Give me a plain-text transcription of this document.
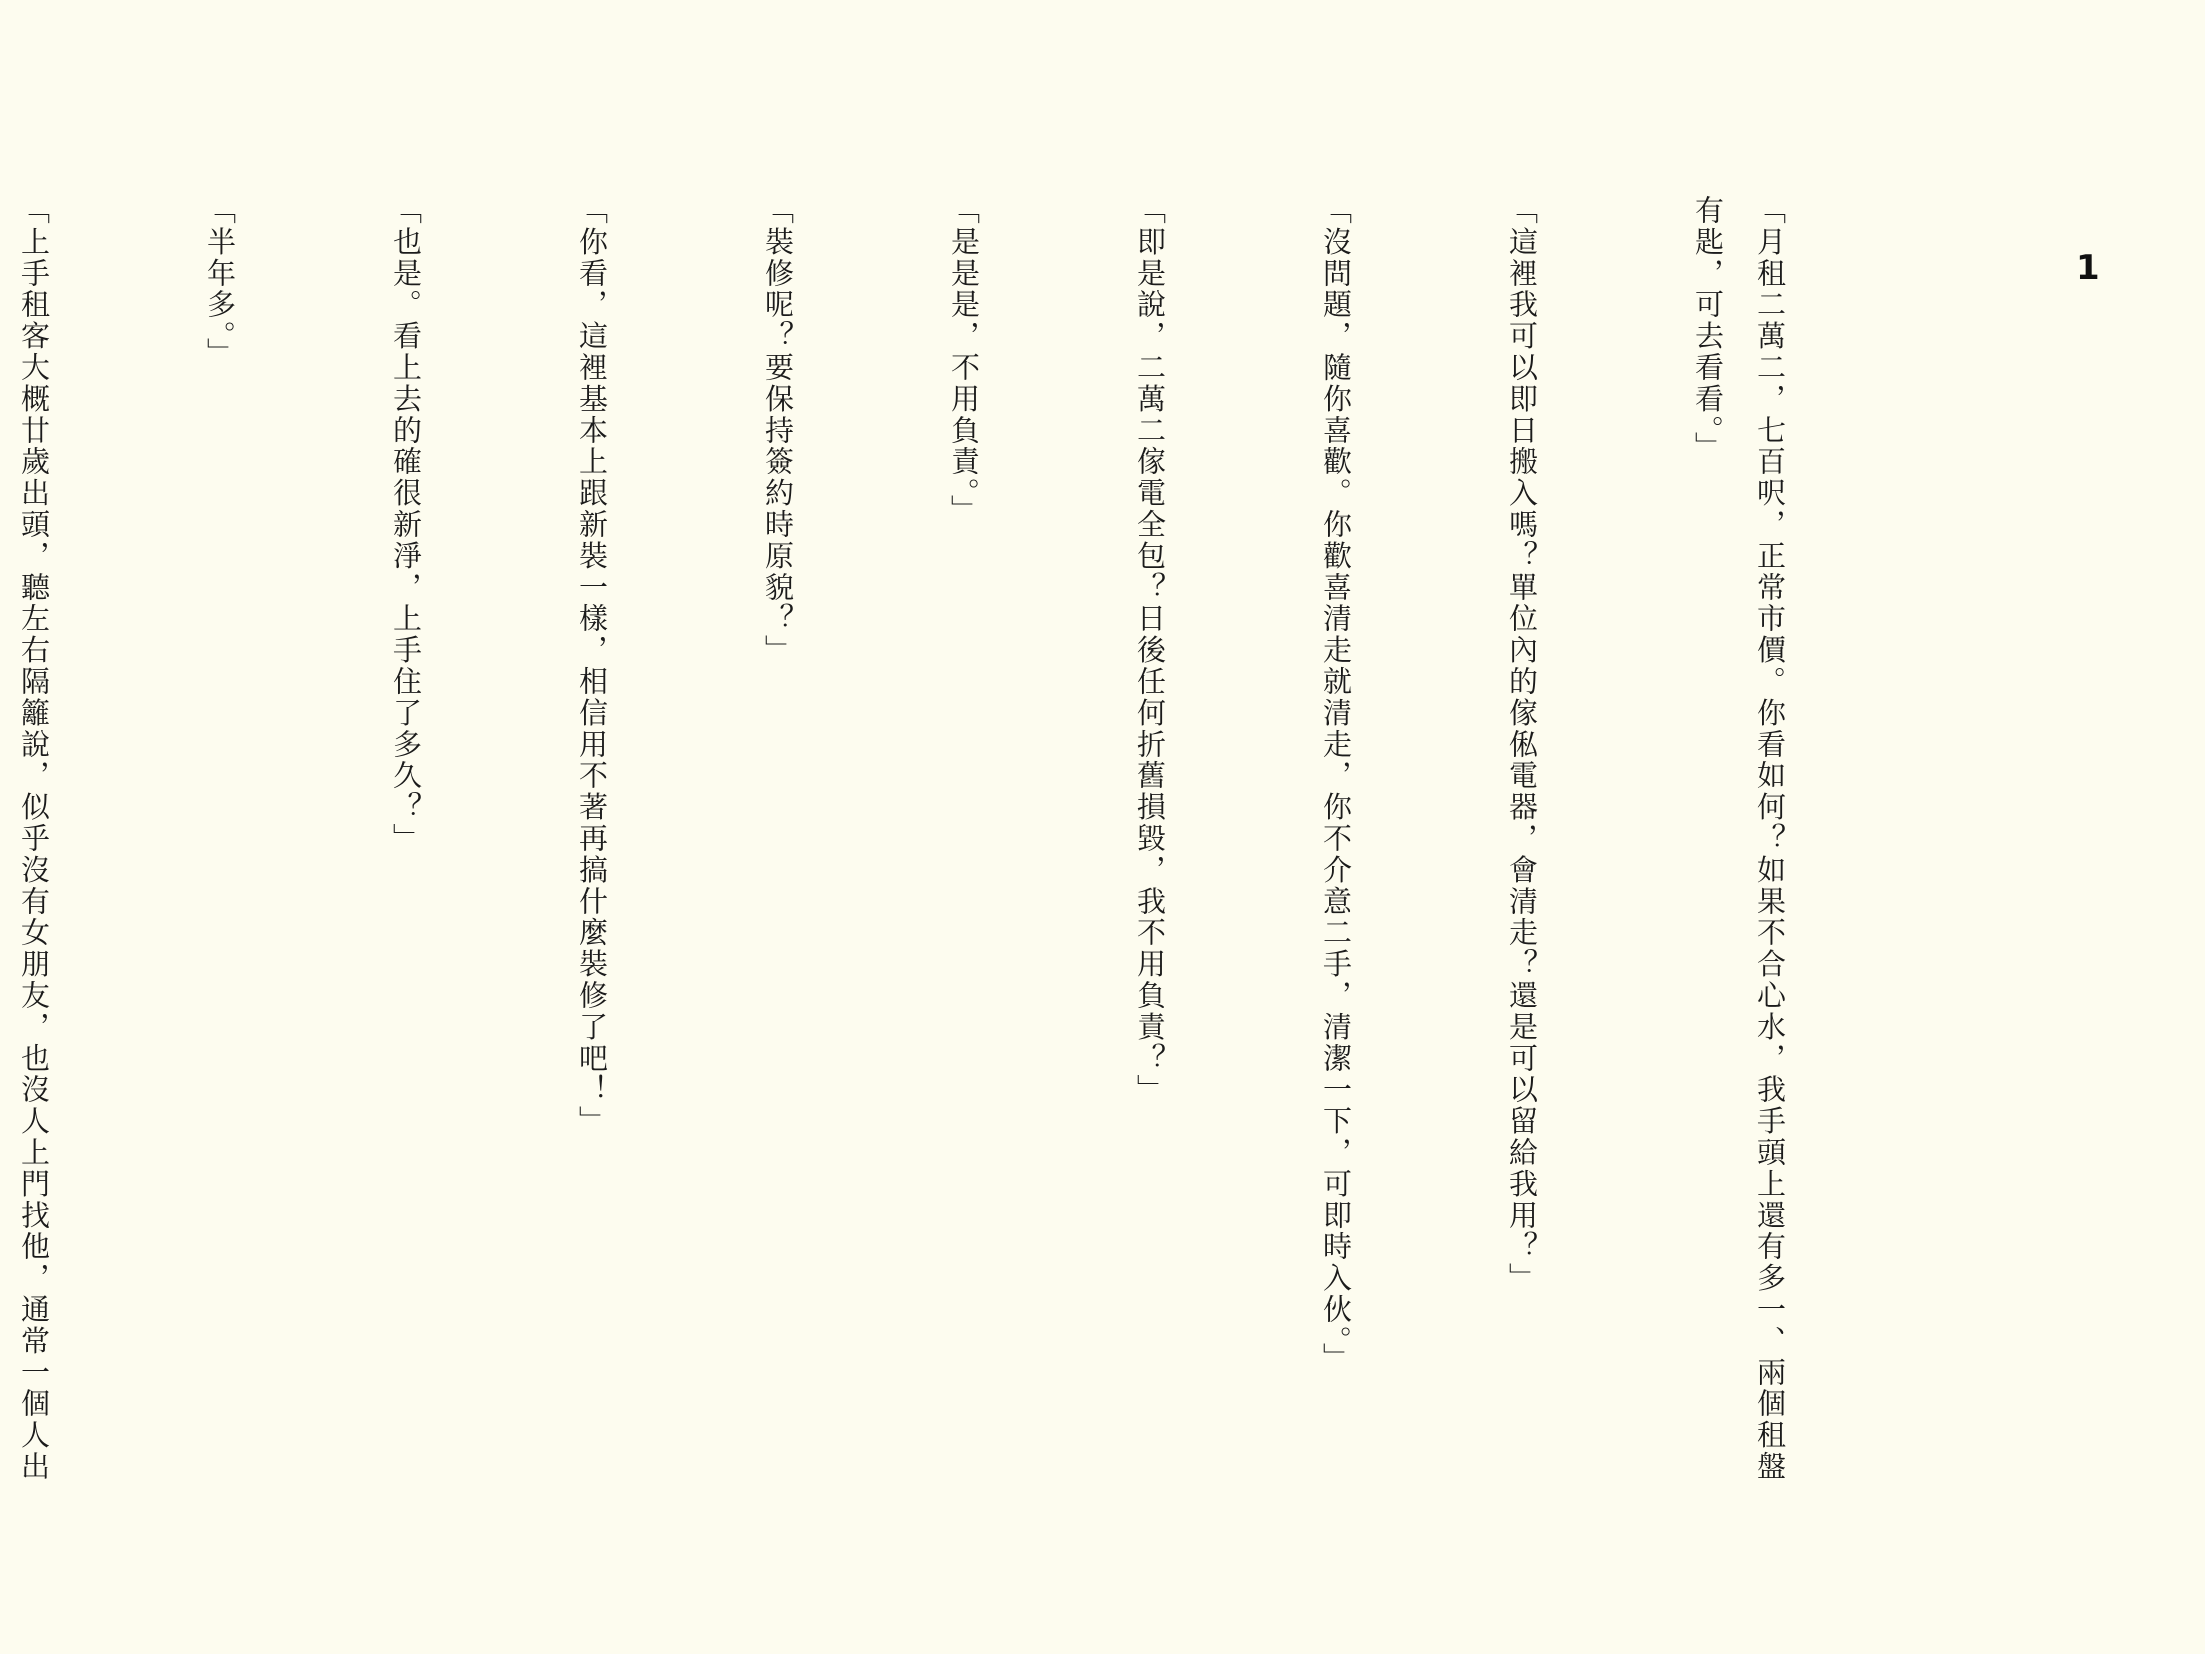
1

「月租二萬二，七百呎，正常市價。你看如何？如果不合心水，我手頭上還有多一、兩個租盤有匙，可去看看。」

「這裡我可以即日搬入嗎？單位內的傢俬電器，會清走？還是可以留給我用？」

「沒問題，隨你喜歡。你歡喜清走就清走，你不介意二手，清潔一下，可即時入伙。」

「即是說，二萬二傢電全包？日後任何折舊損毀，我不用負責？」

「是是是，不用負責。」

「裝修呢？要保持簽約時原貌？」

「你看，這裡基本上跟新裝一樣，相信用不著再搞什麼裝修了吧！」

「也是。看上去的確很新淨，上手住了多久？」

「半年多。」

「上手租客大概廿歲出頭，聽左右隔籬說，似乎沒有女朋友，也沒人上門找他，通常一個人出
